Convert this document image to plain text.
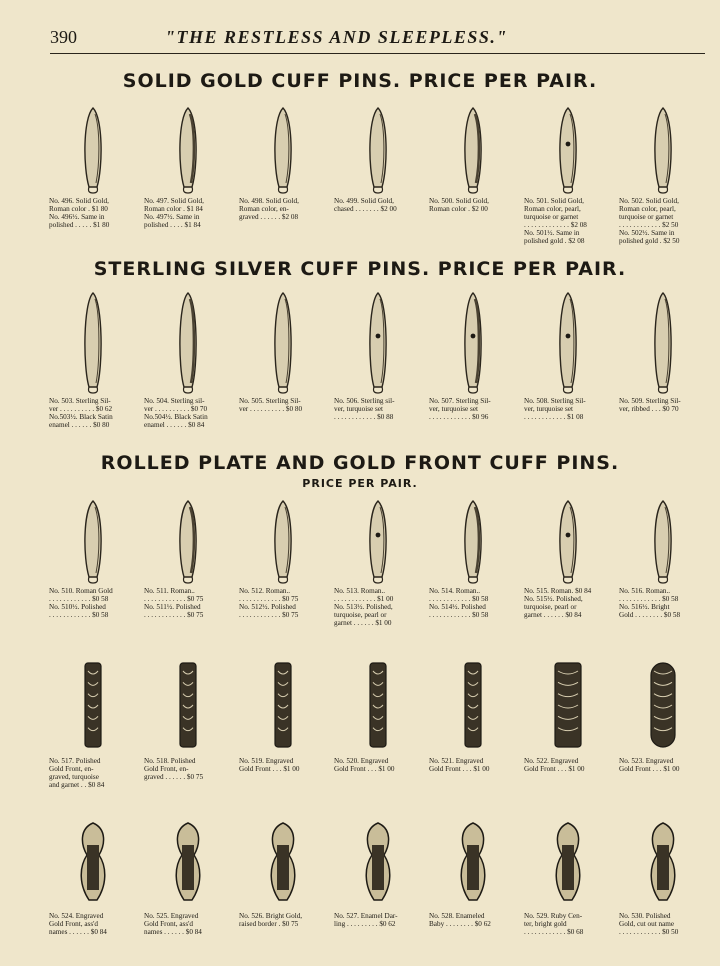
390	"THE RESTLESS AND SLEEPLESS."
SOLID GOLD CUFF PINS. PRICE PER PAIR.
STERLING SILVER CUFF PINS. PRICE PER PAIR.
ROLLED PLATE AND GOLD FRONT CUFF PINS.
PRICE PER PAIR.
No. 496. Solid Gold,
Roman color . $1 80
No. 496½. Same in
polished . . . . . $1 80
No. 497. Solid Gold,
Roman color . $1 84
No. 497½. Same in
polished . . . . $1 84
No. 498. Solid Gold,
Roman color, en-
graved . . . . . . $2 08
No. 499. Solid Gold,
chased . . . . . . . $2 00
No. 500. Solid Gold,
Roman color . $2 00
No. 501. Solid Gold,
Roman color, pearl,
turquoise or garnet
. . . . . . . . . . . . . $2 08
No. 501½. Same in
polished gold . $2 08
No. 502. Solid Gold,
Roman color, pearl,
turquoise or garnet
. . . . . . . . . . . . $2 50
No. 502½. Same in
polished gold . $2 50
No. 503. Sterling Sil-
ver . . . . . . . . . . $0 62
No.503½. Black Satin
enamel . . . . . . $0 80
No. 504. Sterling sil-
ver . . . . . . . . . . $0 70
No.504½. Black Satin
enamel . . . . . . $0 84
No. 505. Sterling Sil-
ver . . . . . . . . . . $0 80
No. 506. Sterling sil-
ver, turquoise set
. . . . . . . . . . . . $0 88
No. 507. Sterling Sil-
ver, turquoise set
. . . . . . . . . . . . $0 96
No. 508. Sterling Sil-
ver, turquoise set
. . . . . . . . . . . . $1 08
No. 509. Sterling Sil-
ver, ribbed . . . $0 70
No. 510. Roman Gold
. . . . . . . . . . . . $0 58
No. 510½. Polished
. . . . . . . . . . . . $0 58
No. 511. Roman..
. . . . . . . . . . . . $0 75
No. 511½. Polished
. . . . . . . . . . . . $0 75
No. 512. Roman..
. . . . . . . . . . . . $0 75
No. 512½. Polished
. . . . . . . . . . . . $0 75
No. 513. Roman..
. . . . . . . . . . . . $1 00
No. 513½. Polished,
turquoise, pearl or
garnet . . . . . . $1 00
No. 514. Roman..
. . . . . . . . . . . . $0 58
No. 514½. Polished
. . . . . . . . . . . . $0 58
No. 515. Roman. $0 84
No. 515½. Polished,
turquoise, pearl or
garnet . . . . . . $0 84
No. 516. Roman..
. . . . . . . . . . . . $0 58
No. 516½. Bright
Gold . . . . . . . . $0 58
No. 517. Polished
Gold Front, en-
graved, turquoise
and garnet . . $0 84
No. 518. Polished
Gold Front, en-
graved . . . . . . $0 75
No. 519. Engraved
Gold Front . . . $1 00
No. 520. Engraved
Gold Front . . . $1 00
No. 521. Engraved
Gold Front . . . $1 00
No. 522. Engraved
Gold Front . . . $1 00
No. 523. Engraved
Gold Front . . . $1 00
No. 524. Engraved
Gold Front, ass'd
names . . . . . . $0 84
No. 525. Engraved
Gold Front, ass'd
names . . . . . . $0 84
No. 526. Bright Gold,
raised border . $0 75
No. 527. Enamel Dar-
ling . . . . . . . . . $0 62
No. 528. Enameled
Baby . . . . . . . . $0 62
No. 529. Ruby Cen-
ter, bright gold
. . . . . . . . . . . . $0 68
No. 530. Polished
Gold, cut out name
. . . . . . . . . . . . $0 50
